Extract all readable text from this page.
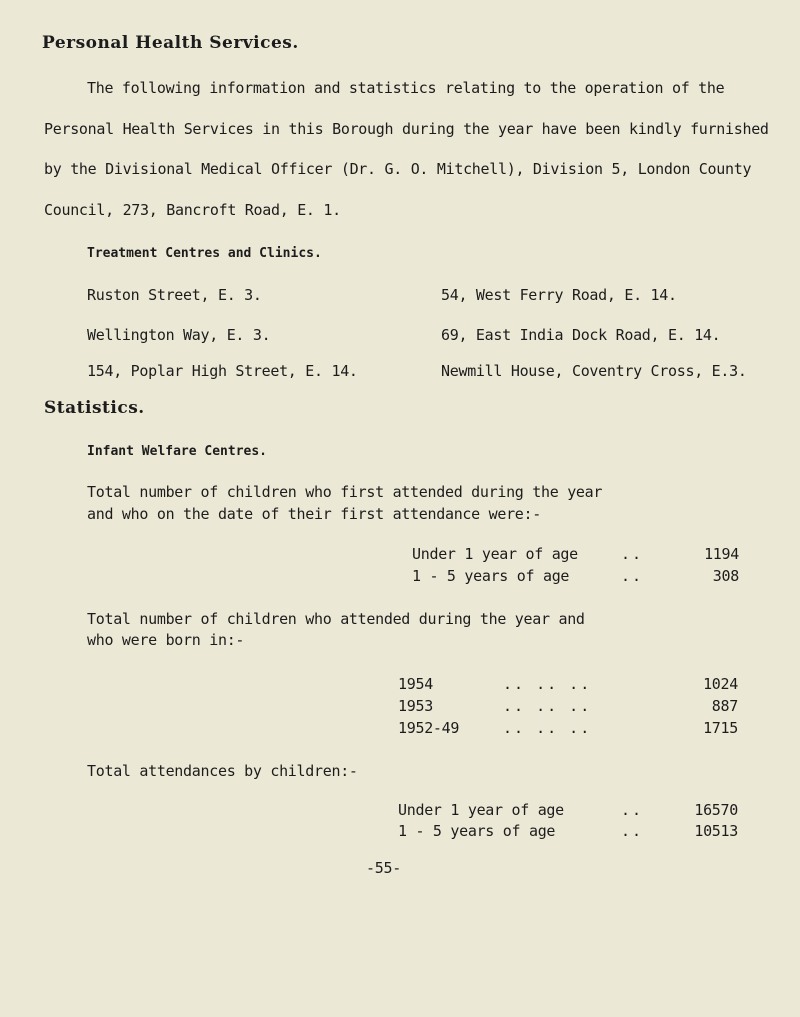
Personal Health Services.
The following information and statistics relating to the operation of the
Personal Health Services in this Borough during the year have been kindly furnished
by the Divisional Medical Officer (Dr. G. O. Mitchell), Division 5, London County
Council, 273, Bancroft Road, E. 1.
Treatment Centres and Clinics.
Ruston Street, E. 3.	54, West Ferry Road, E. 14.
Wellington Way, E. 3.	69, East India Dock Road, E. 14.
154, Poplar High Street, E. 14.	Newmill House, Coventry Cross, E.3.
Statistics.
Infant Welfare Centres.
Total number of children who first attended during the year
and who on the date of their first attendance were:-
Under 1 year of age	..	1194
1 - 5 years of age	..	308
Total number of children who attended during the year and
who were born in:-
1954	.. .. ..	1024
1953	.. .. ..	887
1952-49	.. .. ..	1715
Total attendances by children:-
Under 1 year of age	..	16570
1 - 5 years of age	..	10513
-55-
